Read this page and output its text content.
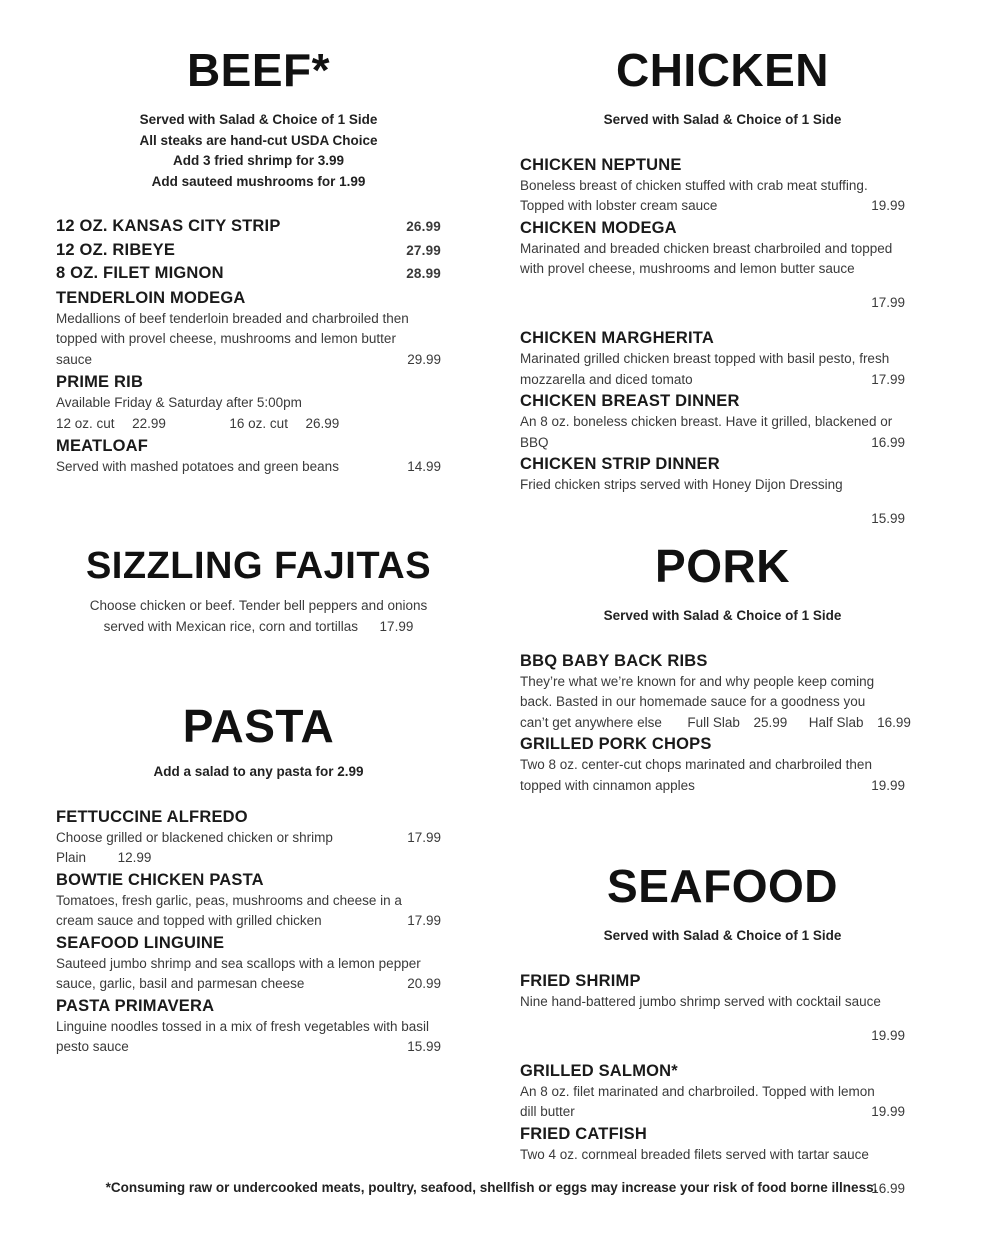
BEEF*

Served with Salad & Choice of 1 Side

All steaks are hand-cut USDA Choice

Add 3 fried shrimp for 3.99

Add sauteed mushrooms for 1.99

12 OZ. KANSAS CITY STRIP	26.99
12 OZ. RIBEYE	27.99
8 OZ. FILET MIGNON	28.99

TENDERLOIN MODEGA

Medallions of beef tenderloin breaded and charbroiled then

topped with provel cheese, mushrooms and lemon butter

sauce	29.99

PRIME RIB

Available Friday & Saturday after 5:00pm

12 oz. cut 22.99	16 oz. cut 26.99

MEATLOAF

Served with mashed potatoes and green beans	14.99

SIZZLING FAJITAS

Choose chicken or beef. Tender bell peppers and onions

served with Mexican rice, corn and tortillas 17.99

PASTA

Add a salad to any pasta for 2.99

FETTUCCINE ALFREDO

Choose grilled or blackened chicken or shrimp	17.99

Plain 12.99

BOWTIE CHICKEN PASTA

Tomatoes, fresh garlic, peas, mushrooms and cheese in a

cream sauce and topped with grilled chicken	17.99

SEAFOOD LINGUINE

Sauteed jumbo shrimp and sea scallops with a lemon pepper

sauce, garlic, basil and parmesan cheese	20.99

PASTA PRIMAVERA

Linguine noodles tossed in a mix of fresh vegetables with basil

pesto sauce	15.99

CHICKEN

Served with Salad & Choice of 1 Side

CHICKEN NEPTUNE

Boneless breast of chicken stuffed with crab meat stuffing.

Topped with lobster cream sauce	19.99

CHICKEN MODEGA

Marinated and breaded chicken breast charbroiled and topped

with provel cheese, mushrooms and lemon butter sauce

17.99

CHICKEN MARGHERITA

Marinated grilled chicken breast topped with basil pesto, fresh

mozzarella and diced tomato	17.99

CHICKEN BREAST DINNER

An 8 oz. boneless chicken breast. Have it grilled, blackened or

BBQ	16.99

CHICKEN STRIP DINNER

Fried chicken strips served with Honey Dijon Dressing

15.99

PORK

Served with Salad & Choice of 1 Side

BBQ BABY BACK RIBS

They’re what we’re known for and why people keep coming

back. Basted in our homemade sauce for a goodness you

can’t get anywhere else Full Slab 25.99 Half Slab 16.99

GRILLED PORK CHOPS

Two 8 oz. center-cut chops marinated and charbroiled then

topped with cinnamon apples	19.99

SEAFOOD

Served with Salad & Choice of 1 Side

FRIED SHRIMP

Nine hand-battered jumbo shrimp served with cocktail sauce

19.99

GRILLED SALMON*

An 8 oz. filet marinated and charbroiled. Topped with lemon

dill butter	19.99

FRIED CATFISH

Two 4 oz. cornmeal breaded filets served with tartar sauce

16.99

*Consuming raw or undercooked meats, poultry, seafood, shellfish or eggs may increase your risk of food borne illness.
